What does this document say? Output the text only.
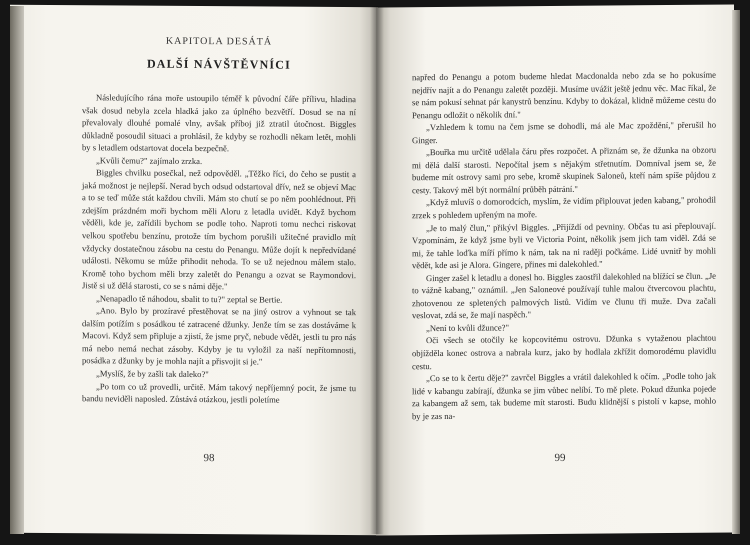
KAPITOLA DESÁTÁ
DALŠÍ NÁVŠTĚVNÍCI

Následujícího rána moře ustoupilo téměř k původní čáře přílivu, hladina však dosud nebyla zcela hladká jako za úplného bezvětří. Dosud se na ní převalovaly dlouhé pomalé vlny, avšak příboj již ztratil útočnost. Biggles důkladně posoudil situaci a prohlásil, že kdyby se rozhodli někam letět, mohli by s letadlem odstartovat docela bezpečně.

„Kvůli čemu?" zajímalo zrzka.

Biggles chvilku posečkal, než odpověděl. „Těžko říci, do čeho se pustit a jaká možnost je nejlepší. Nerad bych odsud odstartoval dřív, než se objeví Mac a to se teď může stát každou chvíli. Mám sto chutí se po něm poohlédnout. Při zdejším prázdném moři bychom měli Aloru z letadla uvidět. Když bychom věděli, kde je, zařídili bychom se podle toho. Naproti tomu nechci riskovat velkou spotřebu benzínu, protože tím bychom porušili užitečné pravidlo mít vždycky dostatečnou zásobu na cestu do Penangu. Může dojít k nepředvídané události. Někomu se může přihodit nehoda. To se už nejednou málem stalo. Kromě toho bychom měli brzy zaletět do Penangu a ozvat se Raymondovi. Jistě si už dělá starosti, co se s námi děje."

„Nenapadlo tě náhodou, sbalit to tu?" zeptal se Bertie.

„Ano. Bylo by prozíravé přestěhovat se na jiný ostrov a vyhnout se tak dalším potížím s posádkou té zatracené džunky. Jenže tím se zas dostáváme k Macovi. Když sem připluje a zjistí, že jsme pryč, nebude vědět, jestli tu pro nás má nebo nemá nechat zásoby. Kdyby je tu vyložil za naší nepřítomnosti, posádka z džunky by je mohla najít a přisvojit si je."

„Myslíš, že by zašli tak daleko?"

„Po tom co už provedli, určitě. Mám takový nepříjemný pocit, že jsme tu bandu neviděli naposled. Zůstává otázkou, jestli poletíme

98

napřed do Penangu a potom budeme hledat Macdonalda nebo zda se ho pokusíme nejdřív najít a do Penangu zaletět později. Musíme uvážit ještě jednu věc. Mac říkal, že se nám pokusí sehnat pár kanystrů benzínu. Kdyby to dokázal, klidně můžeme cestu do Penangu odložit o několik dní."

„Vzhledem k tomu na čem jsme se dohodli, má ale Mac zpoždění," přerušil ho Ginger.

„Bouřka mu určitě udělala čáru přes rozpočet. A přiznám se, že džunka na obzoru mi dělá další starosti. Nepočítal jsem s nějakým střetnutím. Domníval jsem se, že budeme mít ostrovy sami pro sebe, kromě skupinek Saloneů, kteří nám spíše půjdou z cesty. Takový měl být normální průběh pátrání."

„Když mluvíš o domorodcích, myslím, že vidím připlouvat jeden kabang," prohodil zrzek s pohledem upřeným na moře.

„Je to malý člun," přikývl Biggles. „Přijíždí od pevniny. Občas tu asi přeplouvají. Vzpomínám, že když jsme byli ve Victoria Point, několik jsem jich tam viděl. Zdá se mi, že tahle loďka míří přímo k nám, tak na ni raději počkáme. Lidé uvnitř by mohli vědět, kde asi je Alora. Gingere, přines mi dalekohled."

Ginger zašel k letadlu a donesl ho. Biggles zaostřil dalekohled na blížící se člun. „Je to vážně kabang," oznámil. „Jen Saloneové používají tuhle malou čtvercovou plachtu, zhotovenou ze spletených palmových listů. Vidím ve člunu tři muže. Dva začali veslovat, zdá se, že mají naspěch."

„Není to kvůli džunce?"

Oči všech se otočily ke kopcovitému ostrovu. Džunka s vytaženou plachtou objížděla konec ostrova a nabrala kurz, jako by hodlala zkřížit domorodému plavidlu cestu.

„Co se to k čertu děje?" zavrčel Biggles a vrátil dalekohled k očím. „Podle toho jak lidé v kabangu zabírají, džunka se jim vůbec nelíbí. To mě plete. Pokud džunka pojede za kabangem až sem, tak budeme mít starosti. Budu klidnější s pistolí v kapse, mohlo by je zas na-

99
